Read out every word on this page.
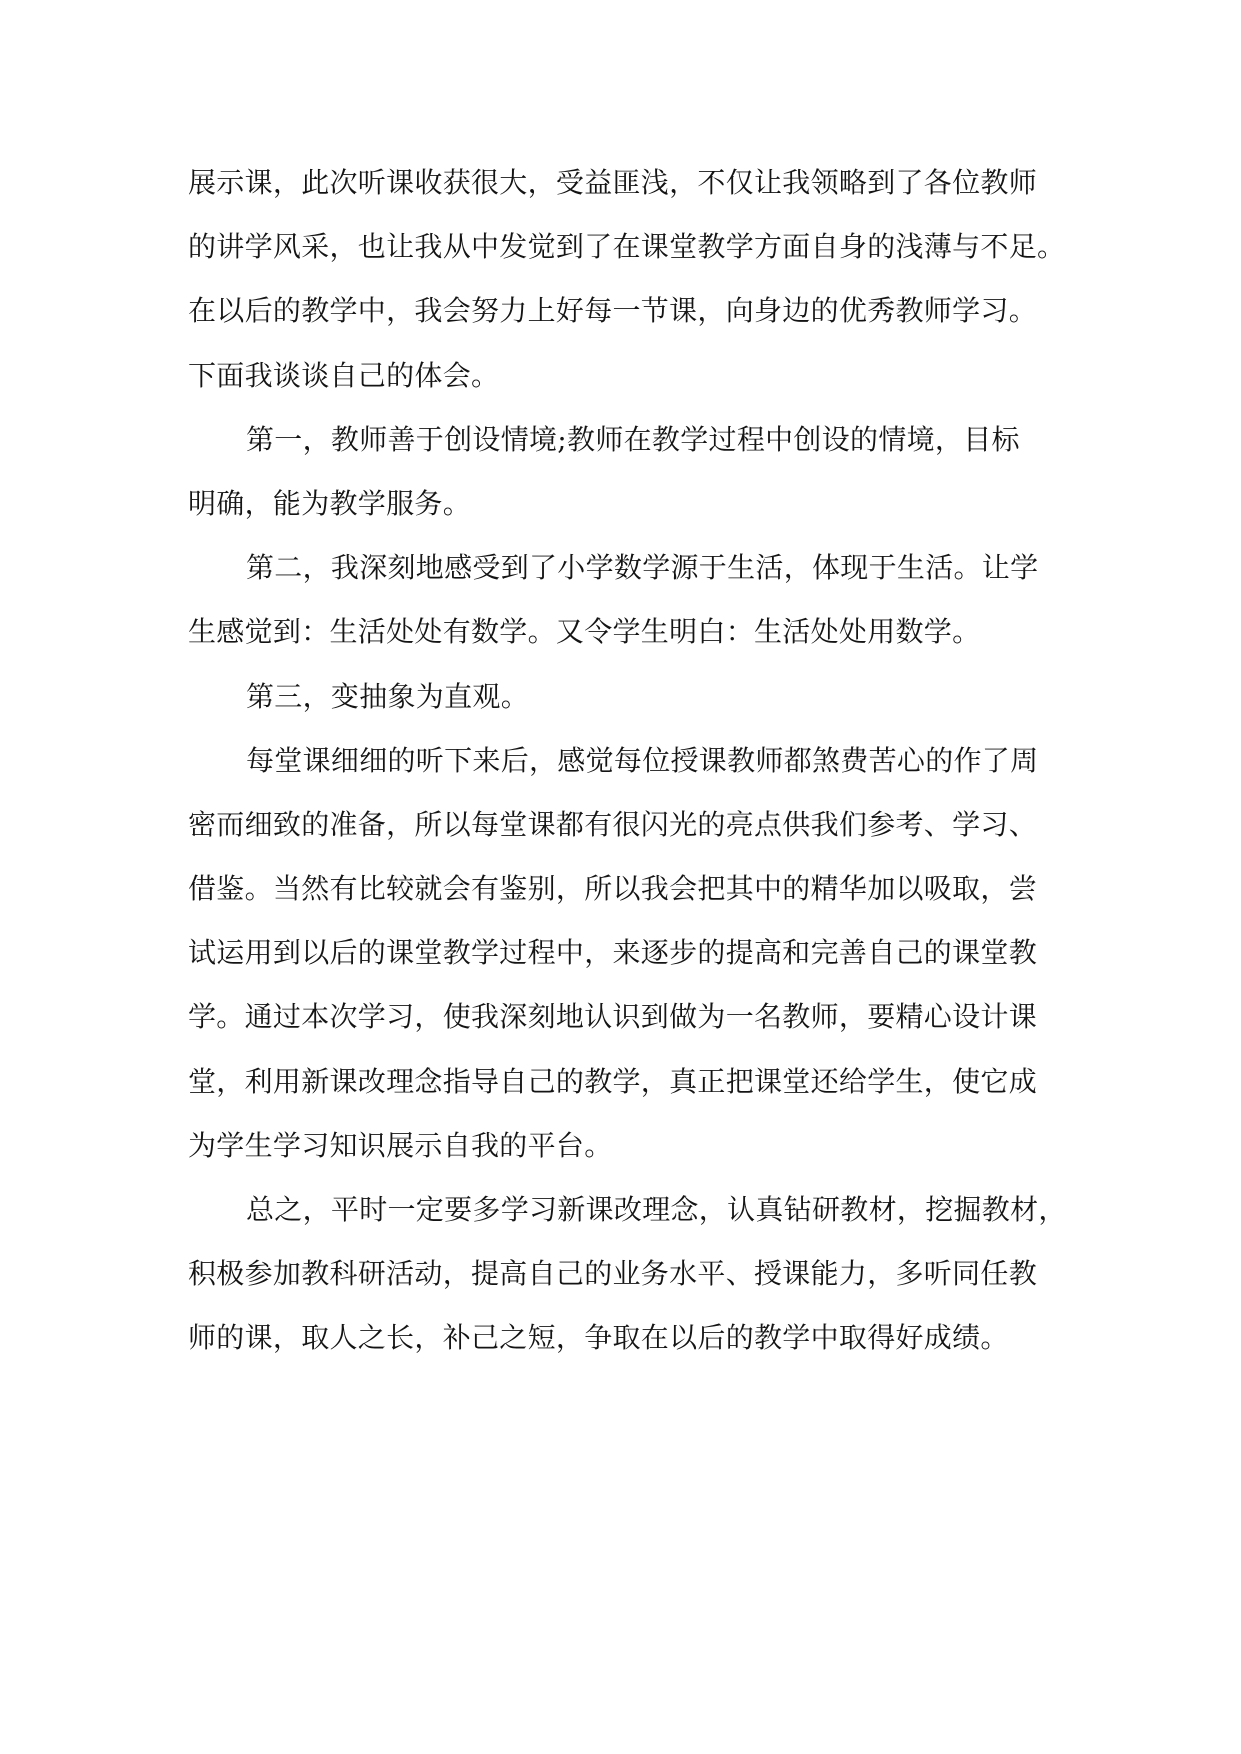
展示课，此次听课收获很大，受益匪浅，不仅让我领略到了各位教师
的讲学风采，也让我从中发觉到了在课堂教学方面自身的浅薄与不足。
在以后的教学中，我会努力上好每一节课，向身边的优秀教师学习。
下面我谈谈自己的体会。
第一，教师善于创设情境;教师在教学过程中创设的情境，目标
明确，能为教学服务。
第二，我深刻地感受到了小学数学源于生活，体现于生活。让学
生感觉到：生活处处有数学。又令学生明白：生活处处用数学。
第三，变抽象为直观。
每堂课细细的听下来后，感觉每位授课教师都煞费苦心的作了周
密而细致的准备，所以每堂课都有很闪光的亮点供我们参考、学习、
借鉴。当然有比较就会有鉴别，所以我会把其中的精华加以吸取，尝
试运用到以后的课堂教学过程中，来逐步的提高和完善自己的课堂教
学。通过本次学习，使我深刻地认识到做为一名教师，要精心设计课
堂，利用新课改理念指导自己的教学，真正把课堂还给学生，使它成
为学生学习知识展示自我的平台。
总之，平时一定要多学习新课改理念，认真钻研教材，挖掘教材，
积极参加教科研活动，提高自己的业务水平、授课能力，多听同任教
师的课，取人之长，补己之短，争取在以后的教学中取得好成绩。
